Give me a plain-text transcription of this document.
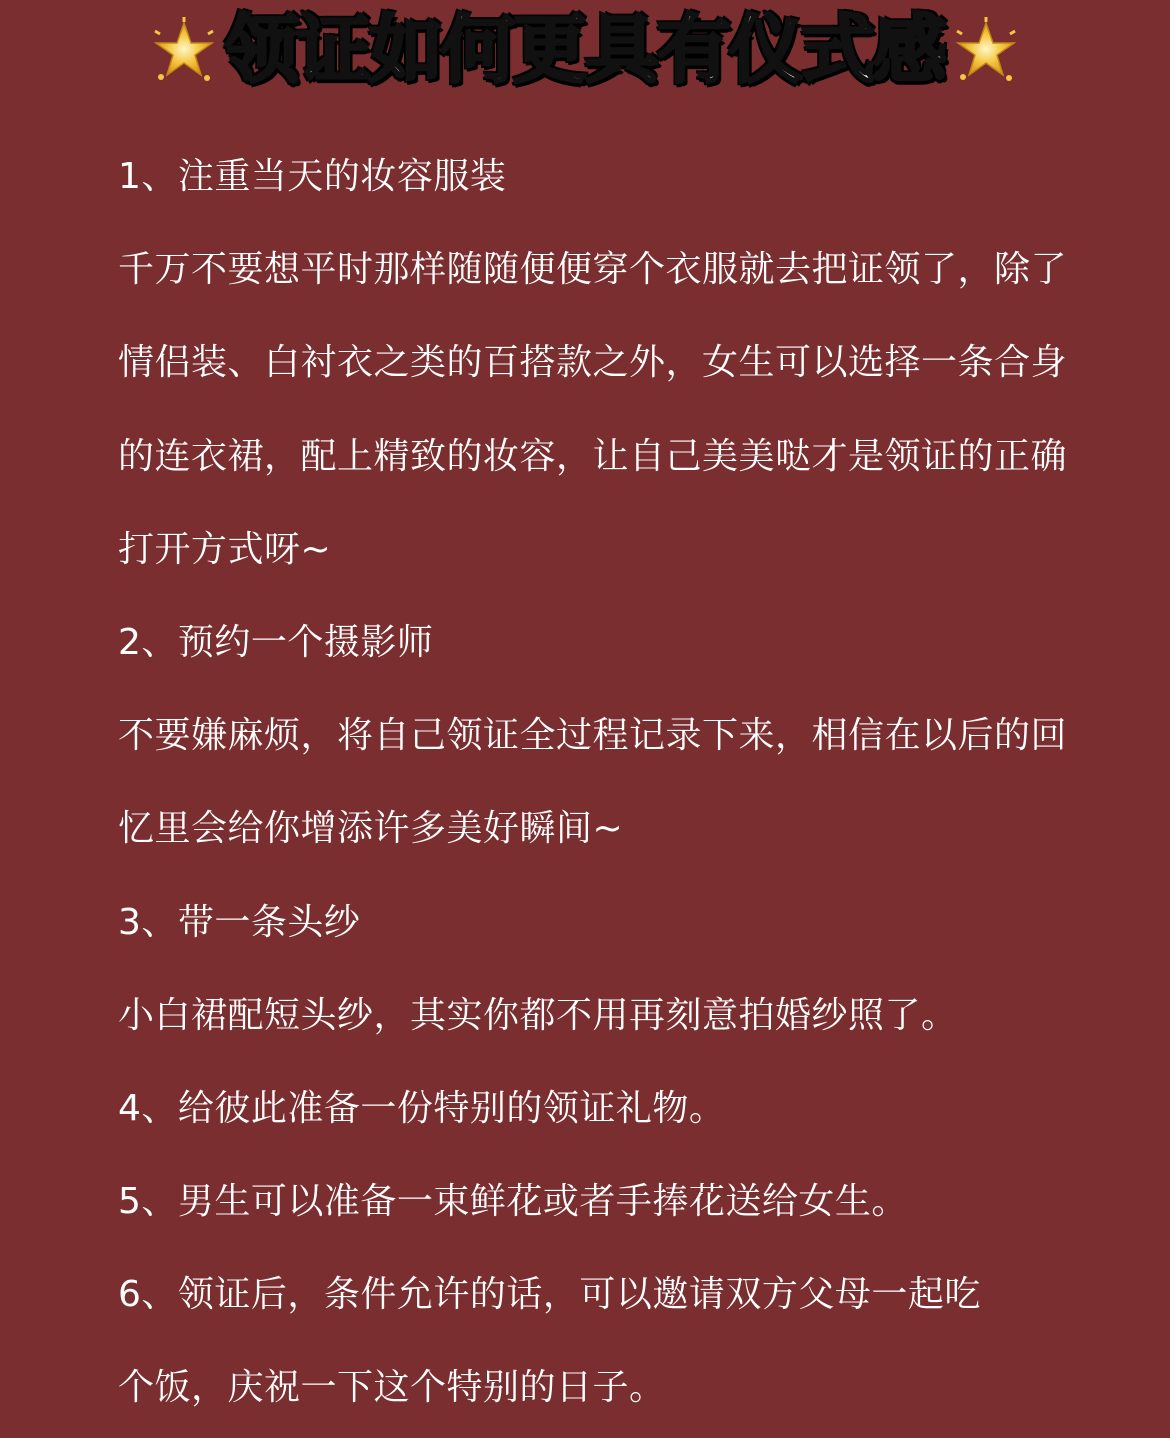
领证如何更具有仪式感
1、注重当天的妆容服装
千万不要想平时那样随随便便穿个衣服就去把证领了，除了
情侣装、白衬衣之类的百搭款之外，女生可以选择一条合身
的连衣裙，配上精致的妆容，让自己美美哒才是领证的正确
打开方式呀~
2、预约一个摄影师
不要嫌麻烦，将自己领证全过程记录下来，相信在以后的回
忆里会给你增添许多美好瞬间~
3、带一条头纱
小白裙配短头纱，其实你都不用再刻意拍婚纱照了。
4、给彼此准备一份特别的领证礼物。
5、男生可以准备一束鲜花或者手捧花送给女生。
6、领证后，条件允许的话，可以邀请双方父母一起吃
个饭，庆祝一下这个特别的日子。
